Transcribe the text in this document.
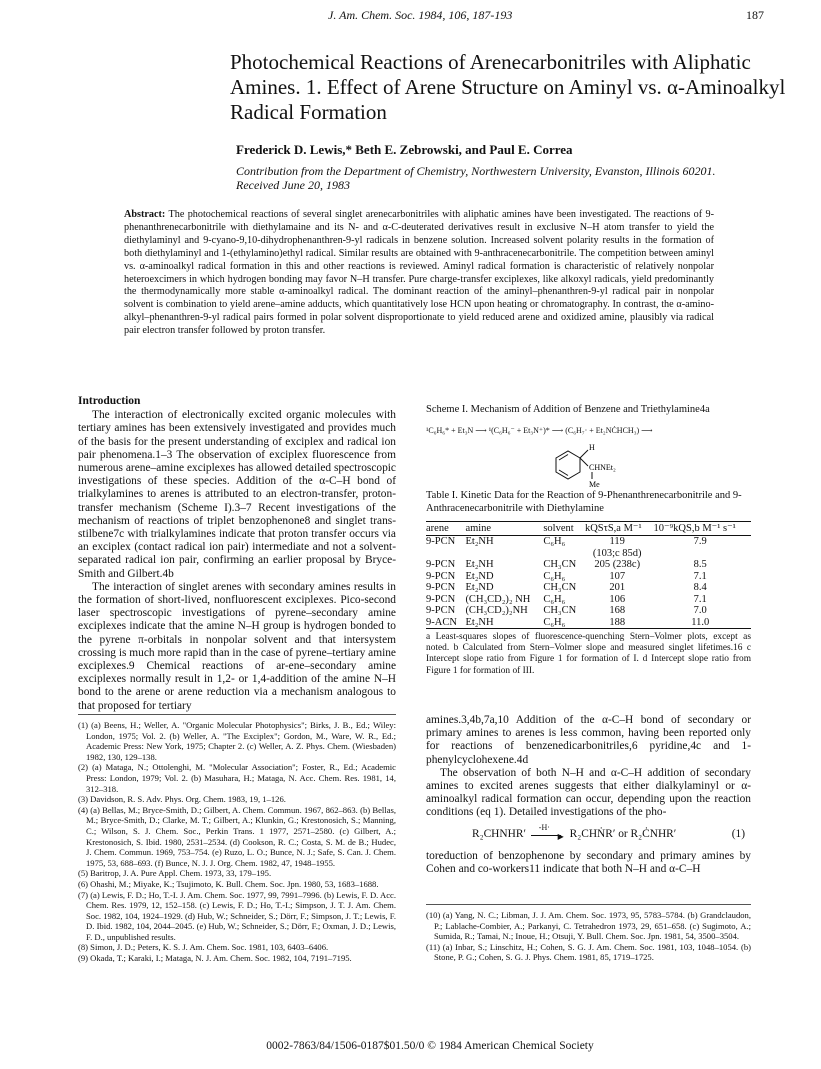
J. Am. Chem. Soc. 1984, 106, 187-193	187
Photochemical Reactions of Arenecarbonitriles with Aliphatic Amines. 1. Effect of Arene Structure on Aminyl vs. α-Aminoalkyl Radical Formation
Frederick D. Lewis,* Beth E. Zebrowski, and Paul E. Correa
Contribution from the Department of Chemistry, Northwestern University, Evanston, Illinois 60201. Received June 20, 1983
Abstract: The photochemical reactions of several singlet arenecarbonitriles with aliphatic amines have been investigated. The reactions of 9-phenanthrenecarbonitrile with diethylamaine and its N- and α-C-deuterated derivatives result in exclusive N–H atom transfer to yield the diethylaminyl and 9-cyano-9,10-dihydrophenanthren-9-yl radicals in benzene solution. Increased solvent polarity results in the formation of both diethylaminyl and 1-(ethylamino)ethyl radical. Similar results are obtained with 9-anthracenecarbonitrile. The competition between aminyl vs. α-aminoalkyl radical formation in this and other reactions is reviewed. Aminyl radical formation is characteristic of relatively nonpolar heteroexcimers in which hydrogen bonding may favor N–H transfer. Pure charge-transfer exciplexes, like alkoxyl radicals, yield predominantly the thermodynamically more stable α-aminoalkyl radical. The dominant reaction of the aminyl–phenanthren-9-yl radical pair in nonpolar solvent is combination to yield arene–amine adducts, which quantitatively lose HCN upon heating or chromatography. In contrast, the α-amino-alkyl–phenanthren-9-yl radical pairs formed in polar solvent disproportionate to yield reduced arene and oxidized amine, plausibly via radical pair electron transfer followed by proton transfer.
Introduction

The interaction of electronically excited organic molecules with tertiary amines has been extensively investigated and provides much of the basis for the present understanding of exciplex and radical ion pair phenomena.1–3 The observation of exciplex fluorescence from numerous arene–amine exciplexes has allowed detailed spectroscopic investigations of these species. Addition of the α-C–H bond of trialkylamines to arenes is attributed to an electron-transfer, proton-transfer mechanism (Scheme I).3–7 Recent investigations of the mechanism of reactions of triplet benzophenone8 and singlet trans-stilbene7c with trialkylamines indicate that proton transfer occurs via an exciplex (contact radical ion pair) intermediate and not a solvent-separated radical ion pair, confirming an earlier proposal by Bryce-Smith and Gilbert.4b

The interaction of singlet arenes with secondary amines results in the formation of short-lived, nonfluorescent exciplexes. Pico-second laser spectroscopic investigations of pyrene–secondary amine exciplexes indicate that the amine N–H group is hydrogen bonded to the pyrene π-orbitals in nonpolar solvent and that intersystem crossing is much more rapid than in the case of pyrene–tertiary amine exciplexes.9 Chemical reactions of ar-ene–secondary amine exciplexes normally result in 1,2- or 1,4-addition of the amine N–H bond to the arene or arene reduction via a mechanism analogous to that proposed for tertiary

(1) (a) Beens, H.; Weller, A. "Organic Molecular Photophysics"; Birks, J. B., Ed.; Wiley: London, 1975; Vol. 2. (b) Weller, A. "The Exciplex"; Gordon, M., Ware, W. R., Ed.; Academic Press: New York, 1975; Chapter 2. (c) Weller, A. Z. Phys. Chem. (Wiesbaden) 1982, 130, 129–138.

(2) (a) Mataga, N.; Ottolenghi, M. "Molecular Association"; Foster, R., Ed.; Academic Press: London, 1979; Vol. 2. (b) Masuhara, H.; Mataga, N. Acc. Chem. Res. 1981, 14, 312–318.

(3) Davidson, R. S. Adv. Phys. Org. Chem. 1983, 19, 1–126.

(4) (a) Bellas, M.; Bryce-Smith, D.; Gilbert, A. Chem. Commun. 1967, 862–863. (b) Bellas, M.; Bryce-Smith, D.; Clarke, M. T.; Gilbert, A.; Klunkin, G.; Krestonosich, S.; Manning, C.; Wilson, S. J. Chem. Soc., Perkin Trans. 1 1977, 2571–2580. (c) Gilbert, A.; Krestonosich, S. Ibid. 1980, 2531–2534. (d) Cookson, R. C.; Costa, S. M. de B.; Hudec, J. Chem. Commun. 1969, 753–754. (e) Ruzo, L. O.; Bunce, N. J.; Safe, S. Can. J. Chem. 1975, 53, 688–693. (f) Bunce, N. J. J. Org. Chem. 1982, 47, 1948–1955.

(5) Baritrop, J. A. Pure Appl. Chem. 1973, 33, 179–195.

(6) Ohashi, M.; Miyake, K.; Tsujimoto, K. Bull. Chem. Soc. Jpn. 1980, 53, 1683–1688.

(7) (a) Lewis, F. D.; Ho, T.-I. J. Am. Chem. Soc. 1977, 99, 7991–7996. (b) Lewis, F. D. Acc. Chem. Res. 1979, 12, 152–158. (c) Lewis, F. D.; Ho, T.-I.; Simpson, J. T. J. Am. Chem. Soc. 1982, 104, 1924–1929. (d) Hub, W.; Schneider, S.; Dörr, F.; Simpson, J. T.; Lewis, F. D. Ibid. 1982, 104, 2044–2045. (e) Hub, W.; Schneider, S.; Dörr, F.; Oxman, J. D.; Lewis, F. D., unpublished results.

(8) Simon, J. D.; Peters, K. S. J. Am. Chem. Soc. 1981, 103, 6403–6406.

(9) Okada, T.; Karaki, I.; Mataga, N. J. Am. Chem. Soc. 1982, 104, 7191–7195.

Scheme I. Mechanism of Addition of Benzene and Triethylamine4a
¹C₆H₆* + Et₃N ⟶ ¹(C₆H₆⁻ + Et₃N⁺)* ⟶ (C₆H₇· + Et₂NĊHCH₃) ⟶
H
CHNEt₂
Me
Table I. Kinetic Data for the Reaction of 9-Phenanthrenecarbonitrile and 9-Anthracenecarbonitrile with Diethylamine
arene	amine	solvent	kQSτS,a M⁻¹	10⁻⁹kQS,b M⁻¹ s⁻¹
9-PCN	Et₂NH	C₆H₆	119	7.9
			(103;c 85d)	
9-PCN	Et₂NH	CH₃CN	205 (238c)	8.5
9-PCN	Et₂ND	C₆H₆	107	7.1
9-PCN	Et₂ND	CH₃CN	201	8.4
9-PCN	(CH₃CD₂)₂ NH	C₆H₆	106	7.1
9-PCN	(CH₃CD₂)₂NH	CH₃CN	168	7.0
9-ACN	Et₂NH	C₆H₆	188	11.0
a Least-squares slopes of fluorescence-quenching Stern–Volmer plots, except as noted. b Calculated from Stern–Volmer slope and measured singlet lifetimes.16 c Intercept slope ratio from Figure 1 for formation of I. d Intercept slope ratio from Figure 1 for formation of III.

amines.3,4b,7a,10 Addition of the α-C–H bond of secondary or primary amines to arenes is less common, having been reported only for reactions of benzenedicarbonitriles,6 pyridine,4c and 1-phenylcyclohexene.4d

The observation of both N–H and α-C–H addition of secondary amines to excited arenes suggests that either dialkylaminyl or α-aminoalkyl radical formation can occur, depending upon the reaction conditions (eq 1). Detailed investigations of the pho-

R₂CHNHR′
-H·
▶ R₂CHṄR′ or R₂ĊNHR′	(1)

toreduction of benzophenone by secondary and primary amines by Cohen and co-workers11 indicate that both N–H and α-C–H

(10) (a) Yang, N. C.; Libman, J. J. Am. Chem. Soc. 1973, 95, 5783–5784. (b) Grandclaudon, P.; Lablache-Combier, A.; Parkanyi, C. Tetrahedron 1973, 29, 651–658. (c) Sugimoto, A.; Sumida, R.; Tamai, N.; Inoue, H.; Otsuji, Y. Bull. Chem. Soc. Jpn. 1981, 54, 3500–3504.

(11) (a) Inbar, S.; Linschitz, H.; Cohen, S. G. J. Am. Chem. Soc. 1981, 103, 1048–1054. (b) Stone, P. G.; Cohen, S. G. J. Phys. Chem. 1981, 85, 1719–1725.

0002-7863/84/1506-0187$01.50/0 © 1984 American Chemical Society
